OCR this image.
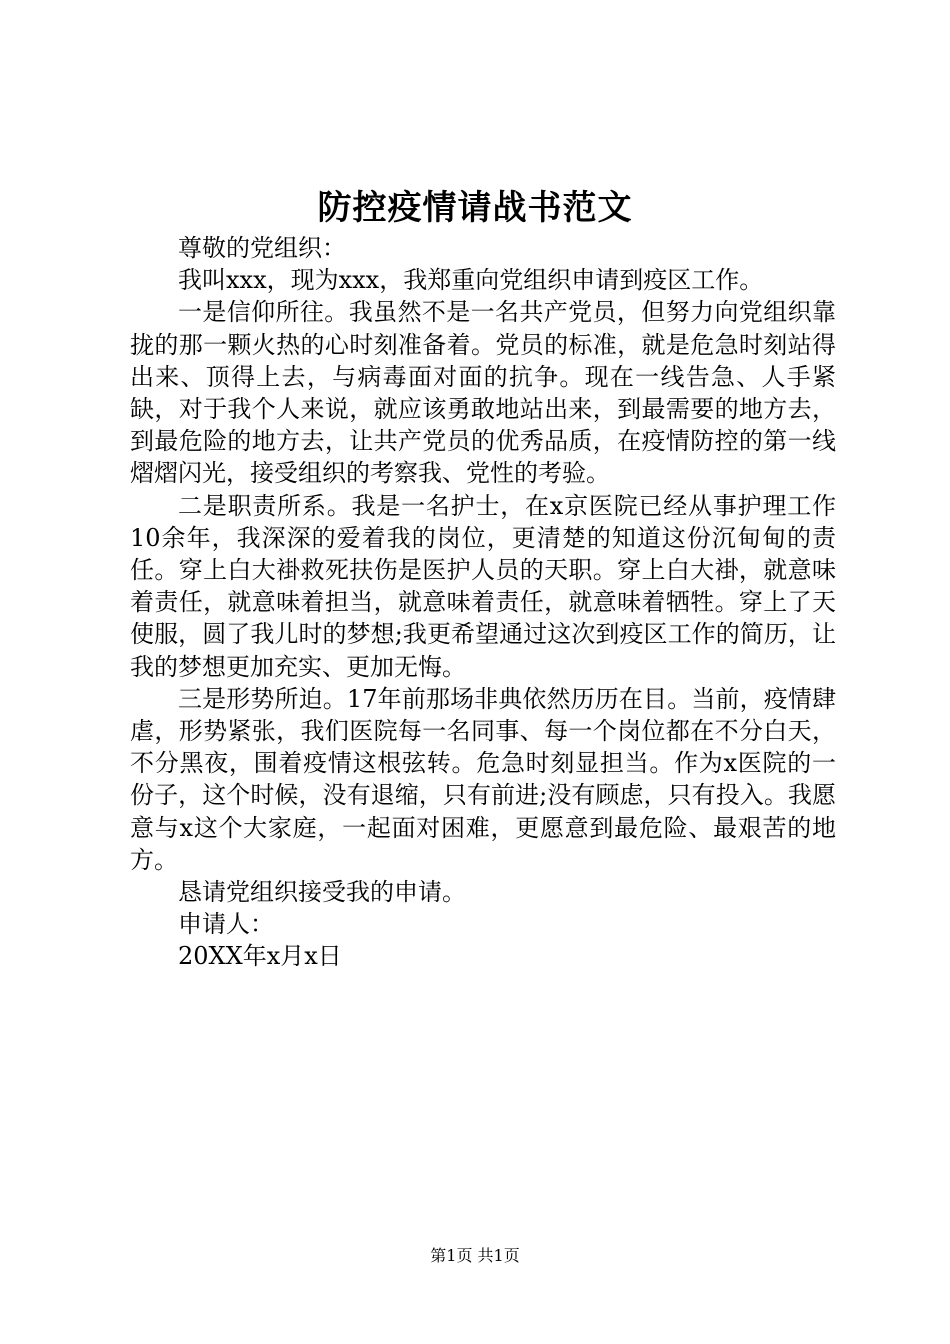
防控疫情请战书范文

尊敬的党组织：

我叫xxx，现为xxx，我郑重向党组织申请到疫区工作。

一是信仰所往。我虽然不是一名共产党员，但努力向党组织靠拢的那一颗火热的心时刻准备着。党员的标准，就是危急时刻站得出来、顶得上去，与病毒面对面的抗争。现在一线告急、人手紧缺，对于我个人来说，就应该勇敢地站出来，到最需要的地方去，到最危险的地方去，让共产党员的优秀品质，在疫情防控的第一线熠熠闪光，接受组织的考察我、党性的考验。

二是职责所系。我是一名护士，在x京医院已经从事护理工作10余年，我深深的爱着我的岗位，更清楚的知道这份沉甸甸的责任。穿上白大褂救死扶伤是医护人员的天职。穿上白大褂，就意味着责任，就意味着担当，就意味着责任，就意味着牺牲。穿上了天使服，圆了我儿时的梦想;我更希望通过这次到疫区工作的简历，让我的梦想更加充实、更加无悔。

三是形势所迫。17年前那场非典依然历历在目。当前，疫情肆虐，形势紧张，我们医院每一名同事、每一个岗位都在不分白天，不分黑夜，围着疫情这根弦转。危急时刻显担当。作为x医院的一份子，这个时候，没有退缩，只有前进;没有顾虑，只有投入。我愿意与x这个大家庭，一起面对困难，更愿意到最危险、最艰苦的地方。

恳请党组织接受我的申请。

申请人：

20XX年x月x日

第1页 共1页
